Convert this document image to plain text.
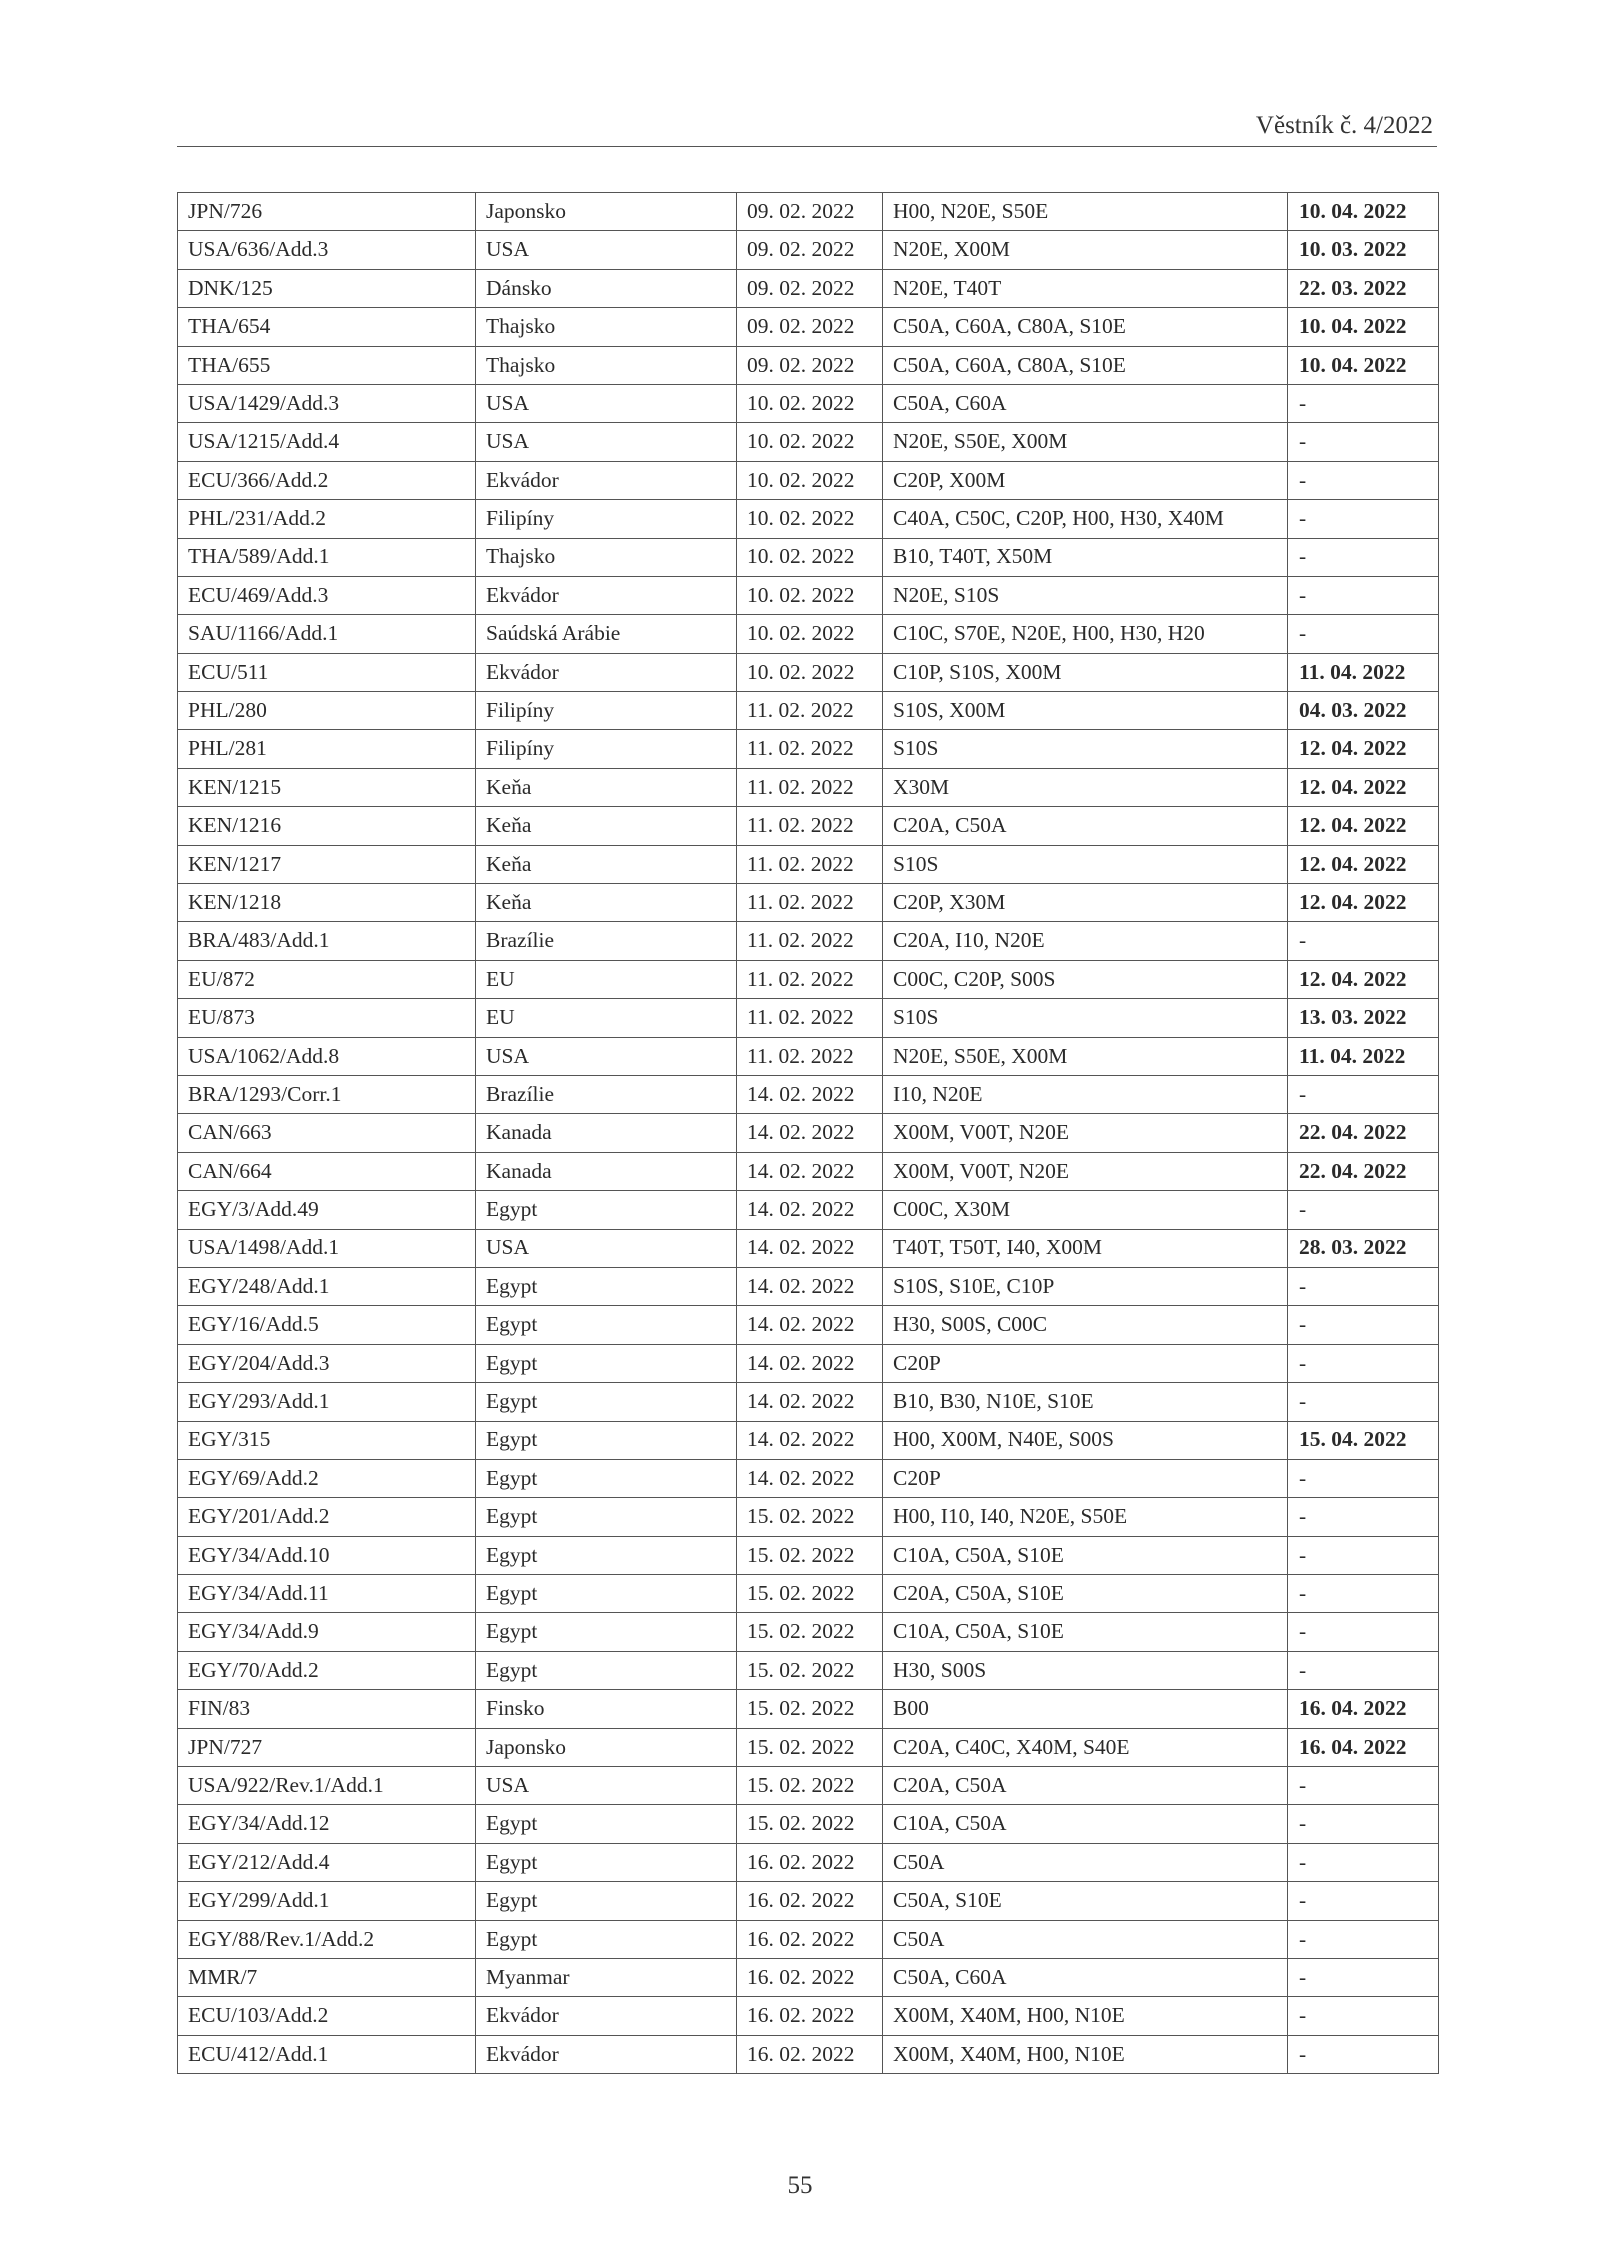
Věstník č. 4/2022
JPN/726	Japonsko	09. 02. 2022	H00, N20E, S50E	10. 04. 2022
USA/636/Add.3	USA	09. 02. 2022	N20E, X00M	10. 03. 2022
DNK/125	Dánsko	09. 02. 2022	N20E, T40T	22. 03. 2022
THA/654	Thajsko	09. 02. 2022	C50A, C60A, C80A, S10E	10. 04. 2022
THA/655	Thajsko	09. 02. 2022	C50A, C60A, C80A, S10E	10. 04. 2022
USA/1429/Add.3	USA	10. 02. 2022	C50A, C60A	-
USA/1215/Add.4	USA	10. 02. 2022	N20E, S50E, X00M	-
ECU/366/Add.2	Ekvádor	10. 02. 2022	C20P, X00M	-
PHL/231/Add.2	Filipíny	10. 02. 2022	C40A, C50C, C20P, H00, H30, X40M	-
THA/589/Add.1	Thajsko	10. 02. 2022	B10, T40T, X50M	-
ECU/469/Add.3	Ekvádor	10. 02. 2022	N20E, S10S	-
SAU/1166/Add.1	Saúdská Arábie	10. 02. 2022	C10C, S70E, N20E, H00, H30, H20	-
ECU/511	Ekvádor	10. 02. 2022	C10P, S10S, X00M	11. 04. 2022
PHL/280	Filipíny	11. 02. 2022	S10S, X00M	04. 03. 2022
PHL/281	Filipíny	11. 02. 2022	S10S	12. 04. 2022
KEN/1215	Keňa	11. 02. 2022	X30M	12. 04. 2022
KEN/1216	Keňa	11. 02. 2022	C20A, C50A	12. 04. 2022
KEN/1217	Keňa	11. 02. 2022	S10S	12. 04. 2022
KEN/1218	Keňa	11. 02. 2022	C20P, X30M	12. 04. 2022
BRA/483/Add.1	Brazílie	11. 02. 2022	C20A, I10, N20E	-
EU/872	EU	11. 02. 2022	C00C, C20P, S00S	12. 04. 2022
EU/873	EU	11. 02. 2022	S10S	13. 03. 2022
USA/1062/Add.8	USA	11. 02. 2022	N20E, S50E, X00M	11. 04. 2022
BRA/1293/Corr.1	Brazílie	14. 02. 2022	I10, N20E	-
CAN/663	Kanada	14. 02. 2022	X00M, V00T, N20E	22. 04. 2022
CAN/664	Kanada	14. 02. 2022	X00M, V00T, N20E	22. 04. 2022
EGY/3/Add.49	Egypt	14. 02. 2022	C00C, X30M	-
USA/1498/Add.1	USA	14. 02. 2022	T40T, T50T, I40, X00M	28. 03. 2022
EGY/248/Add.1	Egypt	14. 02. 2022	S10S, S10E, C10P	-
EGY/16/Add.5	Egypt	14. 02. 2022	H30, S00S, C00C	-
EGY/204/Add.3	Egypt	14. 02. 2022	C20P	-
EGY/293/Add.1	Egypt	14. 02. 2022	B10, B30, N10E, S10E	-
EGY/315	Egypt	14. 02. 2022	H00, X00M, N40E, S00S	15. 04. 2022
EGY/69/Add.2	Egypt	14. 02. 2022	C20P	-
EGY/201/Add.2	Egypt	15. 02. 2022	H00, I10, I40, N20E, S50E	-
EGY/34/Add.10	Egypt	15. 02. 2022	C10A, C50A, S10E	-
EGY/34/Add.11	Egypt	15. 02. 2022	C20A, C50A, S10E	-
EGY/34/Add.9	Egypt	15. 02. 2022	C10A, C50A, S10E	-
EGY/70/Add.2	Egypt	15. 02. 2022	H30, S00S	-
FIN/83	Finsko	15. 02. 2022	B00	16. 04. 2022
JPN/727	Japonsko	15. 02. 2022	C20A, C40C, X40M, S40E	16. 04. 2022
USA/922/Rev.1/Add.1	USA	15. 02. 2022	C20A, C50A	-
EGY/34/Add.12	Egypt	15. 02. 2022	C10A, C50A	-
EGY/212/Add.4	Egypt	16. 02. 2022	C50A	-
EGY/299/Add.1	Egypt	16. 02. 2022	C50A, S10E	-
EGY/88/Rev.1/Add.2	Egypt	16. 02. 2022	C50A	-
MMR/7	Myanmar	16. 02. 2022	C50A, C60A	-
ECU/103/Add.2	Ekvádor	16. 02. 2022	X00M, X40M, H00, N10E	-
ECU/412/Add.1	Ekvádor	16. 02. 2022	X00M, X40M, H00, N10E	-
55
